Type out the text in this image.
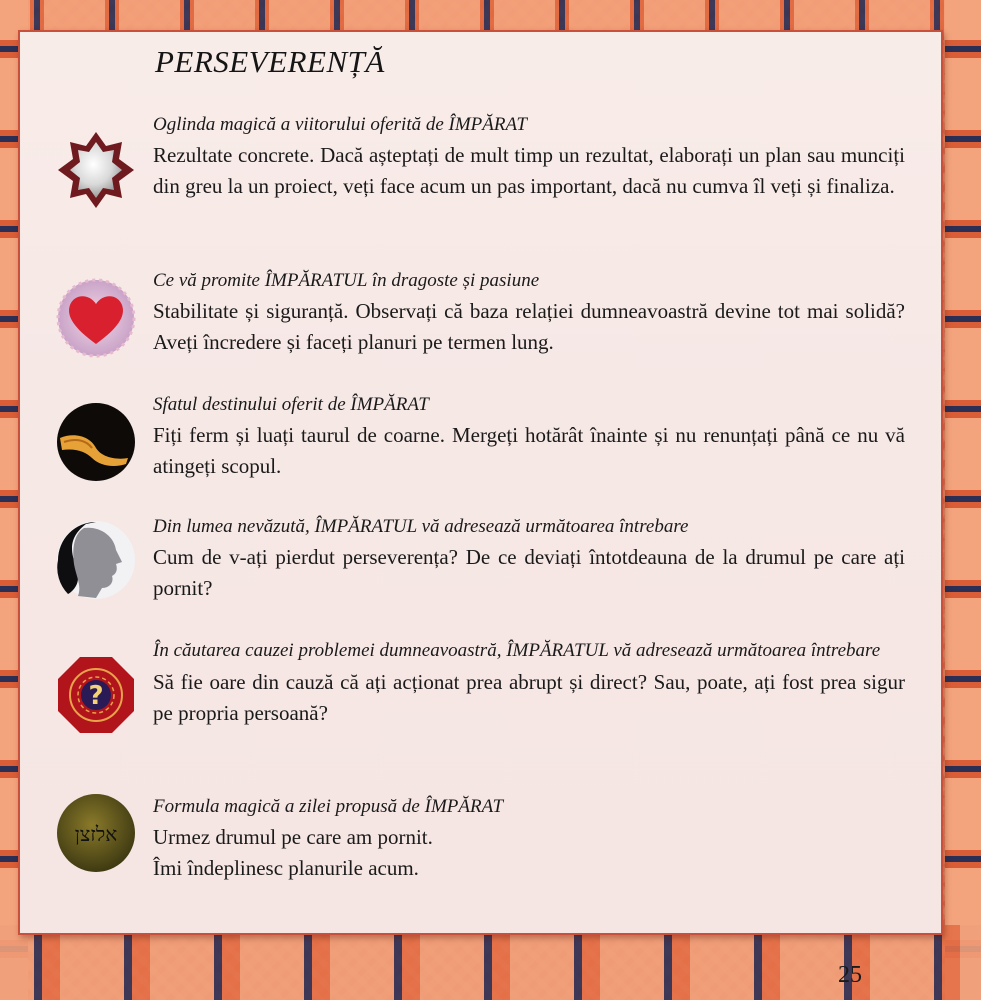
PERSEVERENȚĂ
Oglinda magică a viitorului oferită de ÎMPĂRAT
Rezultate concrete. Dacă așteptați de mult timp un rezultat, elaborați un plan sau munciți din greu la un proiect, veți face acum un pas important, dacă nu cumva îl veți și finaliza.
Ce vă promite ÎMPĂRATUL în dragoste și pasiune
Stabilitate și siguranță. Observați că baza relației dumneavoastră devine tot mai solidă? Aveți încredere și faceți planuri pe termen lung.
Sfatul destinului oferit de ÎMPĂRAT
Fiți ferm și luați taurul de coarne. Mergeți hotărât înainte și nu renunțați până ce nu vă atingeți scopul.
Din lumea nevăzută, ÎMPĂRATUL vă adresează următoarea întrebare
Cum de v-ați pierdut perseverența? De ce deviați întotdeauna de la drumul pe care ați pornit?
?
În căutarea cauzei problemei dumneavoastră, ÎMPĂRATUL vă adresează următoarea întrebare
Să fie oare din cauză că ați acționat prea abrupt și direct? Sau, poate, ați fost prea sigur pe propria persoană?
אלזצן
Formula magică a zilei propusă de ÎMPĂRAT
Urmez drumul pe care am pornit.
Îmi îndeplinesc planurile acum.
25
